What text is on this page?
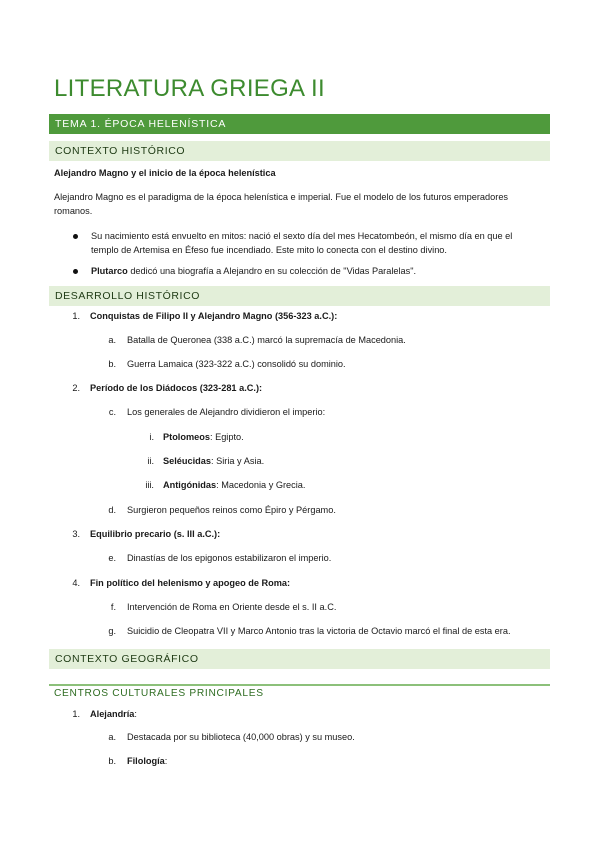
LITERATURA GRIEGA II
TEMA 1. ÉPOCA HELENÍSTICA
CONTEXTO HISTÓRICO
Alejandro Magno y el inicio de la época helenística
Alejandro Magno es el paradigma de la época helenística e imperial. Fue el modelo de los futuros emperadores
romanos.
Su nacimiento está envuelto en mitos: nació el sexto día del mes Hecatombeón, el mismo día en que el
templo de Artemisa en Éfeso fue incendiado. Este mito lo conecta con el destino divino.
Plutarco dedicó una biografía a Alejandro en su colección de "Vidas Paralelas".
DESARROLLO HISTÓRICO
1. Conquistas de Filipo II y Alejandro Magno (356-323 a.C.):
a. Batalla de Queronea (338 a.C.) marcó la supremacía de Macedonia.
b. Guerra Lamaica (323-322 a.C.) consolidó su dominio.
2. Período de los Diádocos (323-281 a.C.):
c. Los generales de Alejandro dividieron el imperio:
i. Ptolomeos: Egipto.
ii. Seléucidas: Siria y Asia.
iii. Antigónidas: Macedonia y Grecia.
d. Surgieron pequeños reinos como Épiro y Pérgamo.
3. Equilibrio precario (s. III a.C.):
e. Dinastías de los epigonos estabilizaron el imperio.
4. Fin político del helenismo y apogeo de Roma:
f. Intervención de Roma en Oriente desde el s. II a.C.
g. Suicidio de Cleopatra VII y Marco Antonio tras la victoria de Octavio marcó el final de esta era.
CONTEXTO GEOGRÁFICO
CENTROS CULTURALES PRINCIPALES
1. Alejandría:
a. Destacada por su biblioteca (40,000 obras) y su museo.
b. Filología:
